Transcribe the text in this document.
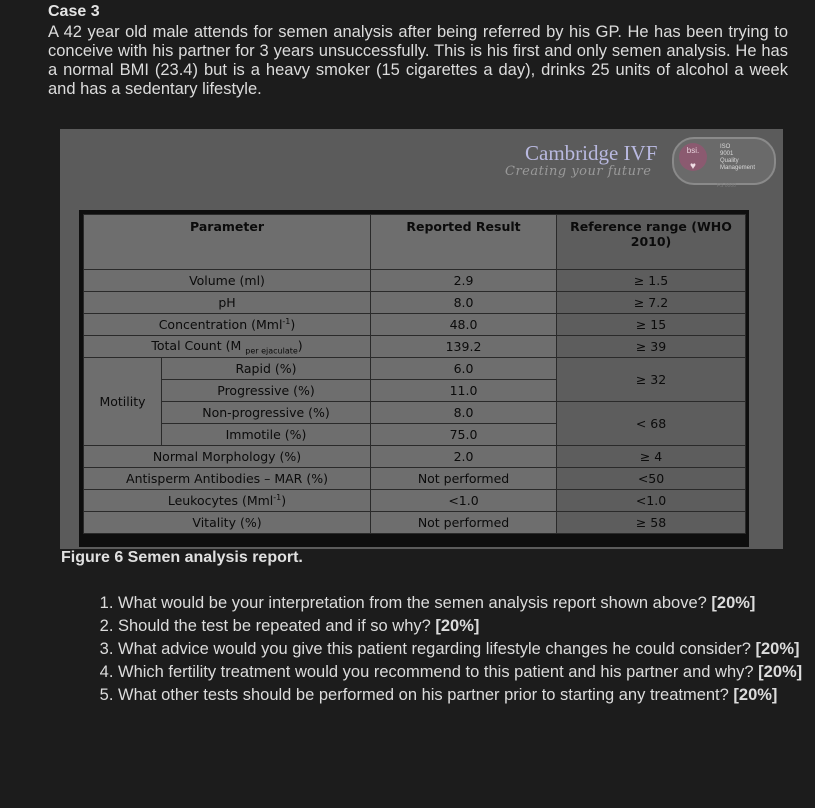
Case 3
A 42 year old male attends for semen analysis after being referred by his GP. He has been trying to conceive with his partner for 3 years unsuccessfully. This is his first and only semen analysis. He has a normal BMI (23.4) but is a heavy smoker (15 cigarettes a day), drinks 25 units of alcohol a week and has a sedentary lifestyle.
Cambridge IVF
Creating your future
bsi.
♥
ISO
9001
Quality
Management
FS 0000
Parameter		Reported Result	Reference range (WHO 2010)
Volume (ml)		2.9	≥ 1.5
pH		8.0	≥ 7.2
Concentration (Mml$^{-1}$)		48.0	≥ 15
Total Count (M $_{per ejaculate}$)		139.2	≥ 39
Motility	Rapid (%)	6.0	≥ 32
	Progressive (%)	11.0	
	Non-progressive (%)	8.0	< 68
	Immotile (%)	75.0	
Normal Morphology (%)		2.0	≥ 4
Antisperm Antibodies – MAR (%)		Not performed	<50
Leukocytes (Mml$^{-1}$)		<1.0	<1.0
Vitality (%)		Not performed	≥ 58
Figure 6 Semen analysis report.
1. What would be your interpretation from the semen analysis report shown above? [20%]
2. Should the test be repeated and if so why? [20%]
3. What advice would you give this patient regarding lifestyle changes he could consider? [20%]
4. Which fertility treatment would you recommend to this patient and his partner and why? [20%]
5. What other tests should be performed on his partner prior to starting any treatment? [20%]
